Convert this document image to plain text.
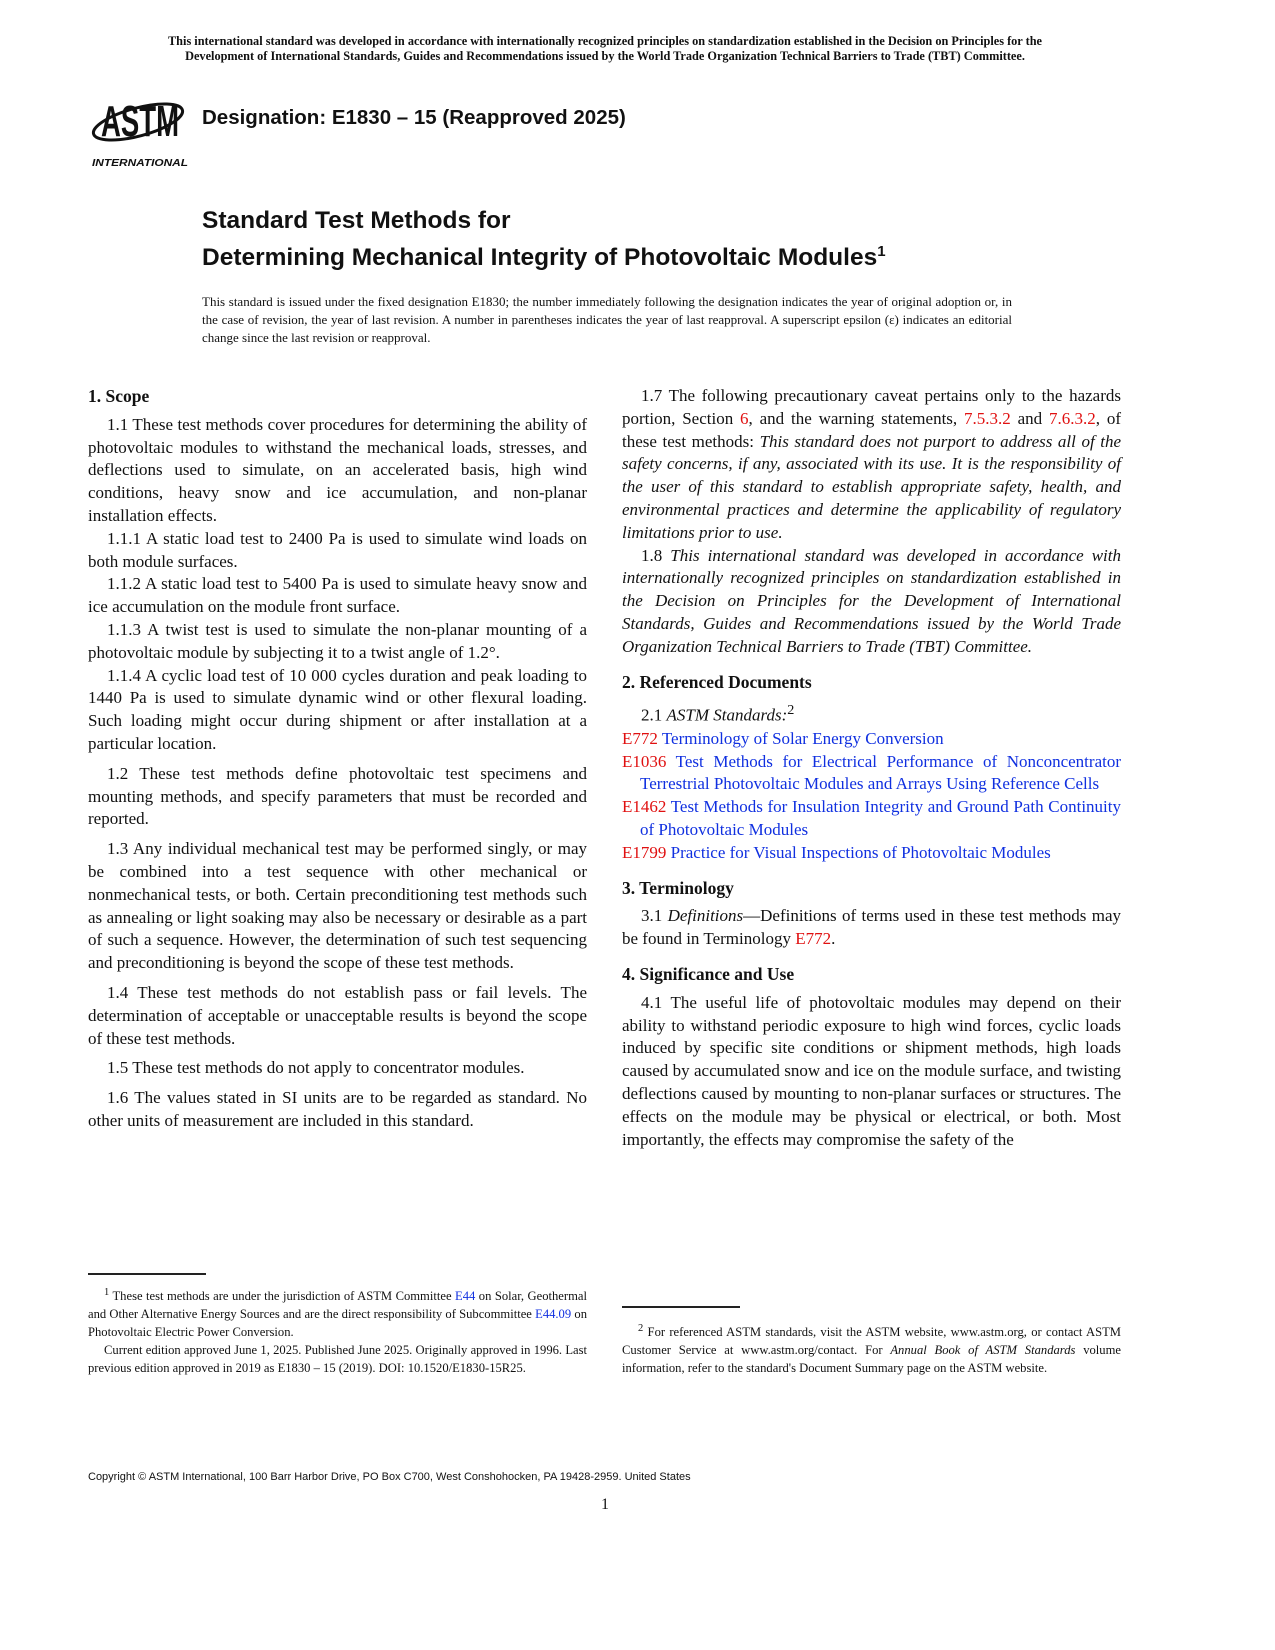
This international standard was developed in accordance with internationally recognized principles on standardization established in the Decision on Principles for the
Development of International Standards, Guides and Recommendations issued by the World Trade Organization Technical Barriers to Trade (TBT) Committee.
ASTM
INTERNATIONAL
Designation: E1830 – 15 (Reapproved 2025)
Standard Test Methods for
Determining Mechanical Integrity of Photovoltaic Modules$^1$
This standard is issued under the fixed designation E1830; the number immediately following the designation indicates the year of original adoption or, in the case of revision, the year of last revision. A number in parentheses indicates the year of last reapproval. A superscript epsilon (ε) indicates an editorial change since the last revision or reapproval.
1. Scope

1.1 These test methods cover procedures for determining the ability of photovoltaic modules to withstand the mechanical loads, stresses, and deflections used to simulate, on an accelerated basis, high wind conditions, heavy snow and ice accumulation, and non-planar installation effects.

1.1.1 A static load test to 2400 Pa is used to simulate wind loads on both module surfaces.

1.1.2 A static load test to 5400 Pa is used to simulate heavy snow and ice accumulation on the module front surface.

1.1.3 A twist test is used to simulate the non-planar mounting of a photovoltaic module by subjecting it to a twist angle of 1.2°.

1.1.4 A cyclic load test of 10 000 cycles duration and peak loading to 1440 Pa is used to simulate dynamic wind or other flexural loading. Such loading might occur during shipment or after installation at a particular location.

1.2 These test methods define photovoltaic test specimens and mounting methods, and specify parameters that must be recorded and reported.

1.3 Any individual mechanical test may be performed singly, or may be combined into a test sequence with other mechanical or nonmechanical tests, or both. Certain preconditioning test methods such as annealing or light soaking may also be necessary or desirable as a part of such a sequence. However, the determination of such test sequencing and preconditioning is beyond the scope of these test methods.

1.4 These test methods do not establish pass or fail levels. The determination of acceptable or unacceptable results is beyond the scope of these test methods.

1.5 These test methods do not apply to concentrator modules.

1.6 The values stated in SI units are to be regarded as standard. No other units of measurement are included in this standard.

1.7 The following precautionary caveat pertains only to the hazards portion, Section 6, and the warning statements, 7.5.3.2 and 7.6.3.2, of these test methods: This standard does not purport to address all of the safety concerns, if any, associated with its use. It is the responsibility of the user of this standard to establish appropriate safety, health, and environmental practices and determine the applicability of regulatory limitations prior to use.

1.8 This international standard was developed in accordance with internationally recognized principles on standardization established in the Decision on Principles for the Development of International Standards, Guides and Recommendations issued by the World Trade Organization Technical Barriers to Trade (TBT) Committee.

2. Referenced Documents

2.1 ASTM Standards:$^2$

E772 Terminology of Solar Energy Conversion

E1036 Test Methods for Electrical Performance of Nonconcentrator Terrestrial Photovoltaic Modules and Arrays Using Reference Cells

E1462 Test Methods for Insulation Integrity and Ground Path Continuity of Photovoltaic Modules

E1799 Practice for Visual Inspections of Photovoltaic Modules

3. Terminology

3.1 Definitions—Definitions of terms used in these test methods may be found in Terminology E772.

4. Significance and Use

4.1 The useful life of photovoltaic modules may depend on their ability to withstand periodic exposure to high wind forces, cyclic loads induced by specific site conditions or shipment methods, high loads caused by accumulated snow and ice on the module surface, and twisting deflections caused by mounting to non-planar surfaces or structures. The effects on the module may be physical or electrical, or both. Most importantly, the effects may compromise the safety of the

$^1$ These test methods are under the jurisdiction of ASTM Committee E44 on Solar, Geothermal and Other Alternative Energy Sources and are the direct responsibility of Subcommittee E44.09 on Photovoltaic Electric Power Conversion.

Current edition approved June 1, 2025. Published June 2025. Originally approved in 1996. Last previous edition approved in 2019 as E1830 – 15 (2019). DOI: 10.1520/E1830-15R25.

$^2$ For referenced ASTM standards, visit the ASTM website, www.astm.org, or contact ASTM Customer Service at www.astm.org/contact. For Annual Book of ASTM Standards volume information, refer to the standard's Document Summary page on the ASTM website.

Copyright © ASTM International, 100 Barr Harbor Drive, PO Box C700, West Conshohocken, PA 19428-2959. United States
1
